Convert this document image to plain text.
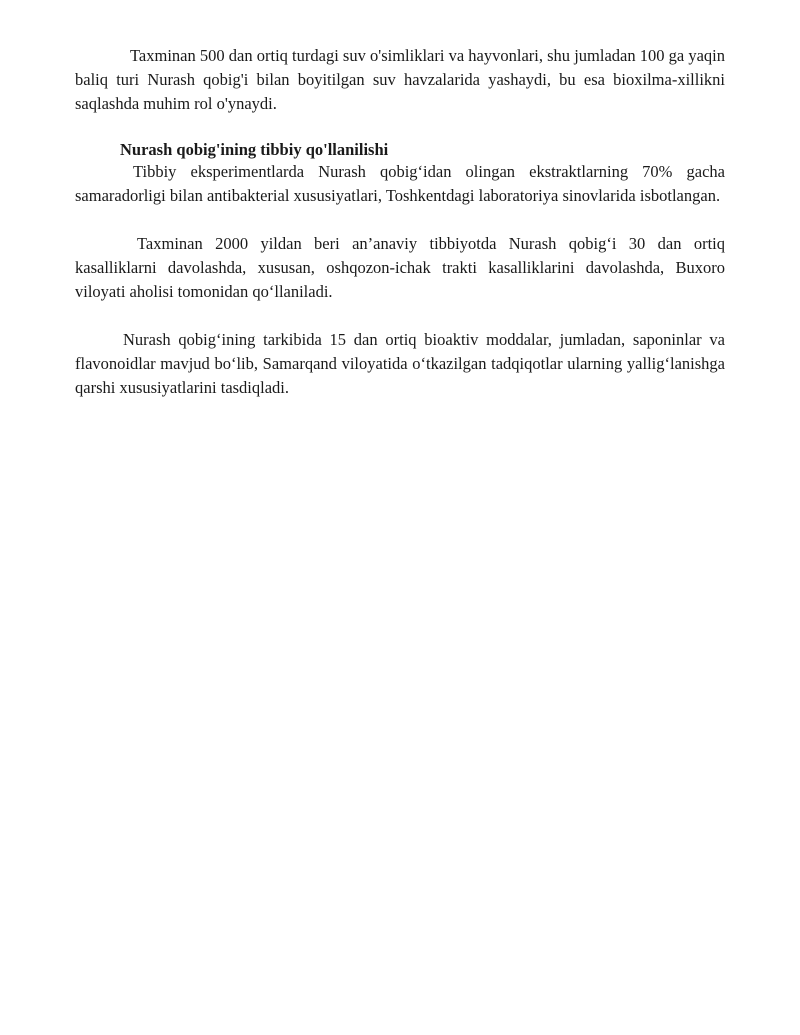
Taxminan 500 dan ortiq turdagi suv o'simliklari va hayvonlari, shu jumladan 100 ga yaqin baliq turi Nurash qobig'i bilan boyitilgan suv havzalarida yashaydi, bu esa bioxilma-xillikni saqlashda muhim rol o'ynaydi.

Nurash qobig'ining tibbiy qo'llanilishi

Tibbiy eksperimentlarda Nurash qobig‘idan olingan ekstraktlarning 70% gacha samaradorligi bilan antibakterial xususiyatlari, Toshkentdagi laboratoriya sinovlarida isbotlangan.

Taxminan 2000 yildan beri an’anaviy tibbiyotda Nurash qobig‘i 30 dan ortiq kasalliklarni davolashda, xususan, oshqozon-ichak trakti kasalliklarini davolashda, Buxoro viloyati aholisi tomonidan qo‘llaniladi.

Nurash qobig‘ining tarkibida 15 dan ortiq bioaktiv moddalar, jumladan, saponinlar va flavonoidlar mavjud bo‘lib, Samarqand viloyatida o‘tkazilgan tadqiqotlar ularning yallig‘lanishga qarshi xususiyatlarini tasdiqladi.
